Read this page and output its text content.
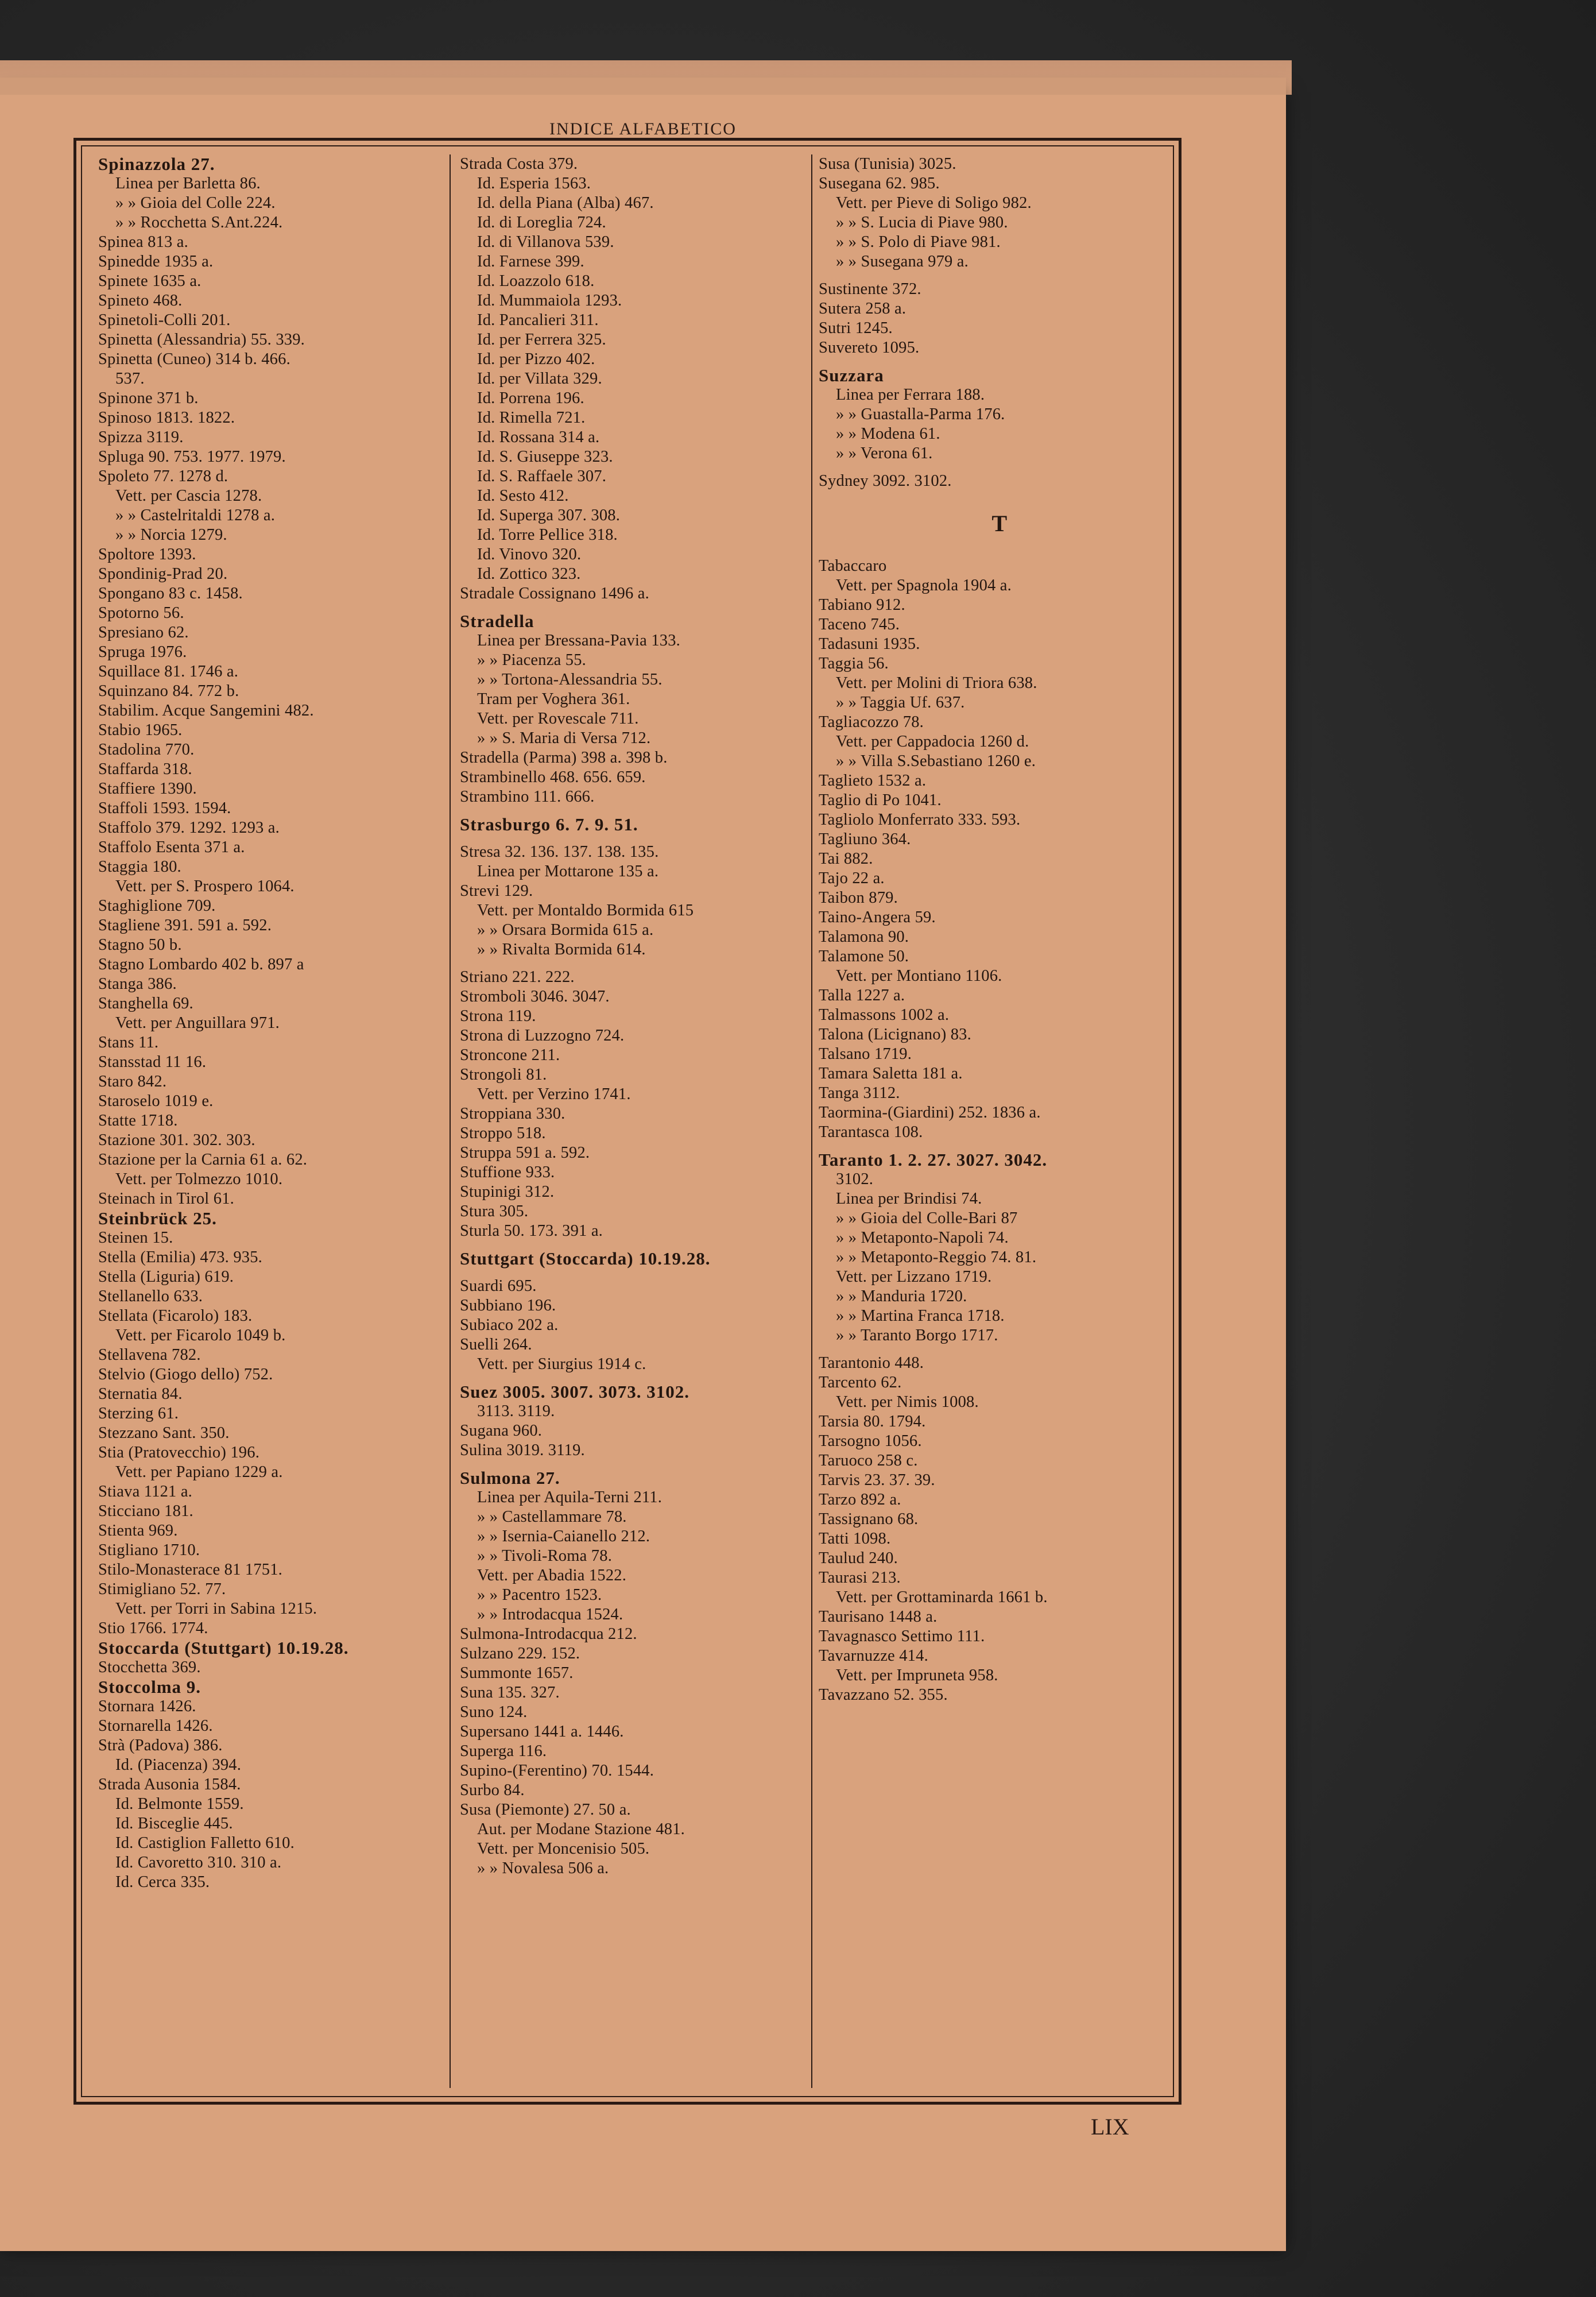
INDICE ALFABETICO
Spinazzola 27.
Linea per Barletta 86.
» » Gioia del Colle 224.
» » Rocchetta S.Ant.224.
Spinea 813 a.
Spinedde 1935 a.
Spinete 1635 a.
Spineto 468.
Spinetoli-Colli 201.
Spinetta (Alessandria) 55. 339.
Spinetta (Cuneo) 314 b. 466.
537.
Spinone 371 b.
Spinoso 1813. 1822.
Spizza 3119.
Spluga 90. 753. 1977. 1979.
Spoleto 77. 1278 d.
Vett. per Cascia 1278.
» » Castelritaldi 1278 a.
» » Norcia 1279.
Spoltore 1393.
Spondinig-Prad 20.
Spongano 83 c. 1458.
Spotorno 56.
Spresiano 62.
Spruga 1976.
Squillace 81. 1746 a.
Squinzano 84. 772 b.
Stabilim. Acque Sangemini 482.
Stabio 1965.
Stadolina 770.
Staffarda 318.
Staffiere 1390.
Staffoli 1593. 1594.
Staffolo 379. 1292. 1293 a.
Staffolo Esenta 371 a.
Staggia 180.
Vett. per S. Prospero 1064.
Staghiglione 709.
Stagliene 391. 591 a. 592.
Stagno 50 b.
Stagno Lombardo 402 b. 897 a
Stanga 386.
Stanghella 69.
Vett. per Anguillara 971.
Stans 11.
Stansstad 11 16.
Staro 842.
Staroselo 1019 e.
Statte 1718.
Stazione 301. 302. 303.
Stazione per la Carnia 61 a. 62.
Vett. per Tolmezzo 1010.
Steinach in Tirol 61.
Steinbrück 25.
Steinen 15.
Stella (Emilia) 473. 935.
Stella (Liguria) 619.
Stellanello 633.
Stellata (Ficarolo) 183.
Vett. per Ficarolo 1049 b.
Stellavena 782.
Stelvio (Giogo dello) 752.
Sternatia 84.
Sterzing 61.
Stezzano Sant. 350.
Stia (Pratovecchio) 196.
Vett. per Papiano 1229 a.
Stiava 1121 a.
Sticciano 181.
Stienta 969.
Stigliano 1710.
Stilo-Monasterace 81 1751.
Stimigliano 52. 77.
Vett. per Torri in Sabina 1215.
Stio 1766. 1774.
Stoccarda (Stuttgart) 10.19.28.
Stocchetta 369.
Stoccolma 9.
Stornara 1426.
Stornarella 1426.
Strà (Padova) 386.
Id. (Piacenza) 394.
Strada Ausonia 1584.
Id. Belmonte 1559.
Id. Bisceglie 445.
Id. Castiglion Falletto 610.
Id. Cavoretto 310. 310 a.
Id. Cerca 335.
Strada Costa 379.
Id. Esperia 1563.
Id. della Piana (Alba) 467.
Id. di Loreglia 724.
Id. di Villanova 539.
Id. Farnese 399.
Id. Loazzolo 618.
Id. Mummaiola 1293.
Id. Pancalieri 311.
Id. per Ferrera 325.
Id. per Pizzo 402.
Id. per Villata 329.
Id. Porrena 196.
Id. Rimella 721.
Id. Rossana 314 a.
Id. S. Giuseppe 323.
Id. S. Raffaele 307.
Id. Sesto 412.
Id. Superga 307. 308.
Id. Torre Pellice 318.
Id. Vinovo 320.
Id. Zottico 323.
Stradale Cossignano 1496 a.
Stradella
Linea per Bressana-Pavia 133.
» » Piacenza 55.
» » Tortona-Alessandria 55.
Tram per Voghera 361.
Vett. per Rovescale 711.
» » S. Maria di Versa 712.
Stradella (Parma) 398 a. 398 b.
Strambinello 468. 656. 659.
Strambino 111. 666.
Strasburgo 6. 7. 9. 51.
Stresa 32. 136. 137. 138. 135.
Linea per Mottarone 135 a.
Strevi 129.
Vett. per Montaldo Bormida 615
» » Orsara Bormida 615 a.
» » Rivalta Bormida 614.
Striano 221. 222.
Stromboli 3046. 3047.
Strona 119.
Strona di Luzzogno 724.
Stroncone 211.
Strongoli 81.
Vett. per Verzino 1741.
Stroppiana 330.
Stroppo 518.
Struppa 591 a. 592.
Stuffione 933.
Stupinigi 312.
Stura 305.
Sturla 50. 173. 391 a.
Stuttgart (Stoccarda) 10.19.28.
Suardi 695.
Subbiano 196.
Subiaco 202 a.
Suelli 264.
Vett. per Siurgius 1914 c.
Suez 3005. 3007. 3073. 3102.
3113. 3119.
Sugana 960.
Sulina 3019. 3119.
Sulmona 27.
Linea per Aquila-Terni 211.
» » Castellammare 78.
» » Isernia-Caianello 212.
» » Tivoli-Roma 78.
Vett. per Abadia 1522.
» » Pacentro 1523.
» » Introdacqua 1524.
Sulmona-Introdacqua 212.
Sulzano 229. 152.
Summonte 1657.
Suna 135. 327.
Suno 124.
Supersano 1441 a. 1446.
Superga 116.
Supino-(Ferentino) 70. 1544.
Surbo 84.
Susa (Piemonte) 27. 50 a.
Aut. per Modane Stazione 481.
Vett. per Moncenisio 505.
» » Novalesa 506 a.
Susa (Tunisia) 3025.
Susegana 62. 985.
Vett. per Pieve di Soligo 982.
» » S. Lucia di Piave 980.
» » S. Polo di Piave 981.
» » Susegana 979 a.
Sustinente 372.
Sutera 258 a.
Sutri 1245.
Suvereto 1095.
Suzzara
Linea per Ferrara 188.
» » Guastalla-Parma 176.
» » Modena 61.
» » Verona 61.
Sydney 3092. 3102.
T
Tabaccaro
Vett. per Spagnola 1904 a.
Tabiano 912.
Taceno 745.
Tadasuni 1935.
Taggia 56.
Vett. per Molini di Triora 638.
» » Taggia Uf. 637.
Tagliacozzo 78.
Vett. per Cappadocia 1260 d.
» » Villa S.Sebastiano 1260 e.
Taglieto 1532 a.
Taglio di Po 1041.
Tagliolo Monferrato 333. 593.
Tagliuno 364.
Tai 882.
Tajo 22 a.
Taibon 879.
Taino-Angera 59.
Talamona 90.
Talamone 50.
Vett. per Montiano 1106.
Talla 1227 a.
Talmassons 1002 a.
Talona (Licignano) 83.
Talsano 1719.
Tamara Saletta 181 a.
Tanga 3112.
Taormina-(Giardini) 252. 1836 a.
Tarantasca 108.
Taranto 1. 2. 27. 3027. 3042.
3102.
Linea per Brindisi 74.
» » Gioia del Colle-Bari 87
» » Metaponto-Napoli 74.
» » Metaponto-Reggio 74. 81.
Vett. per Lizzano 1719.
» » Manduria 1720.
» » Martina Franca 1718.
» » Taranto Borgo 1717.
Tarantonio 448.
Tarcento 62.
Vett. per Nimis 1008.
Tarsia 80. 1794.
Tarsogno 1056.
Taruoco 258 c.
Tarvis 23. 37. 39.
Tarzo 892 a.
Tassignano 68.
Tatti 1098.
Taulud 240.
Taurasi 213.
Vett. per Grottaminarda 1661 b.
Taurisano 1448 a.
Tavagnasco Settimo 111.
Tavarnuzze 414.
Vett. per Impruneta 958.
Tavazzano 52. 355.
LIX
